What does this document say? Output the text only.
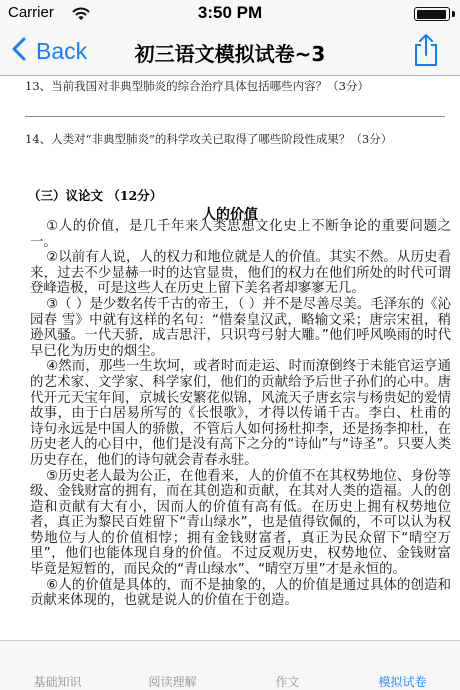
Carrier	3:50 PM
Back	初三语文模拟试卷~3
13、当前我国对非典型肺炎的综合治疗具体包括哪些内容？（3分）
14、人类对“非典型肺炎”的科学攻关已取得了哪些阶段性成果？（3分）
（三）议论文 （12分）
人的价值

①人的价值，是几千年来人类思想文化史上不断争论的重要问题之一。

②以前有人说，人的权力和地位就是人的价值。其实不然。从历史看来，过去不少显赫一时的达官显贵，他们的权力在他们所处的时代可谓登峰造极，可是这些人在历史上留下美名者却寥寥无几。

③（ ）是少数名传千古的帝王，（ ）并不是尽善尽美。毛泽东的《沁园春 雪》中就有这样的名句：“惜秦皇汉武，略输文采；唐宗宋祖，稍逊风骚。一代天骄，成吉思汗，只识弯弓射大雕。”他们呼风唤雨的时代早已化为历史的烟尘。

④然而，那些一生坎坷，或者时而走运、时而潦倒终于未能官运亨通的艺术家、文学家、科学家们，他们的贡献给予后世子孙们的心中。唐代开元天宝年间，京城长安繁花似锦，风流天子唐玄宗与杨贵妃的爱情故事，由于白居易所写的《长恨歌》，才得以传诵千古。李白、杜甫的诗句永远是中国人的骄傲，不管后人如何扬杜抑李，还是扬李抑杜，在历史老人的心目中，他们是没有高下之分的“诗仙”与“诗圣”。只要人类历史存在，他们的诗句就会青春永驻。

⑤历史老人最为公正，在他看来，人的价值不在其权势地位、身份等级、金钱财富的拥有，而在其创造和贡献，在其对人类的造福。人的创造和贡献有大有小，因而人的价值有高有低。在历史上拥有权势地位者，真正为黎民百姓留下“青山绿水”，也是值得钦佩的，不可以认为权势地位与人的价值相悖；拥有金钱财富者，真正为民众留下“晴空万里”，他们也能体现自身的价值。不过反观历史，权势地位、金钱财富毕竟是短暂的，而民众的“青山绿水”、“晴空万里”才是永恒的。

⑥人的价值是具体的，而不是抽象的，人的价值是通过具体的创造和贡献来体现的，也就是说人的价值在于创造。

基础知识	阅读理解	作文	模拟试卷
